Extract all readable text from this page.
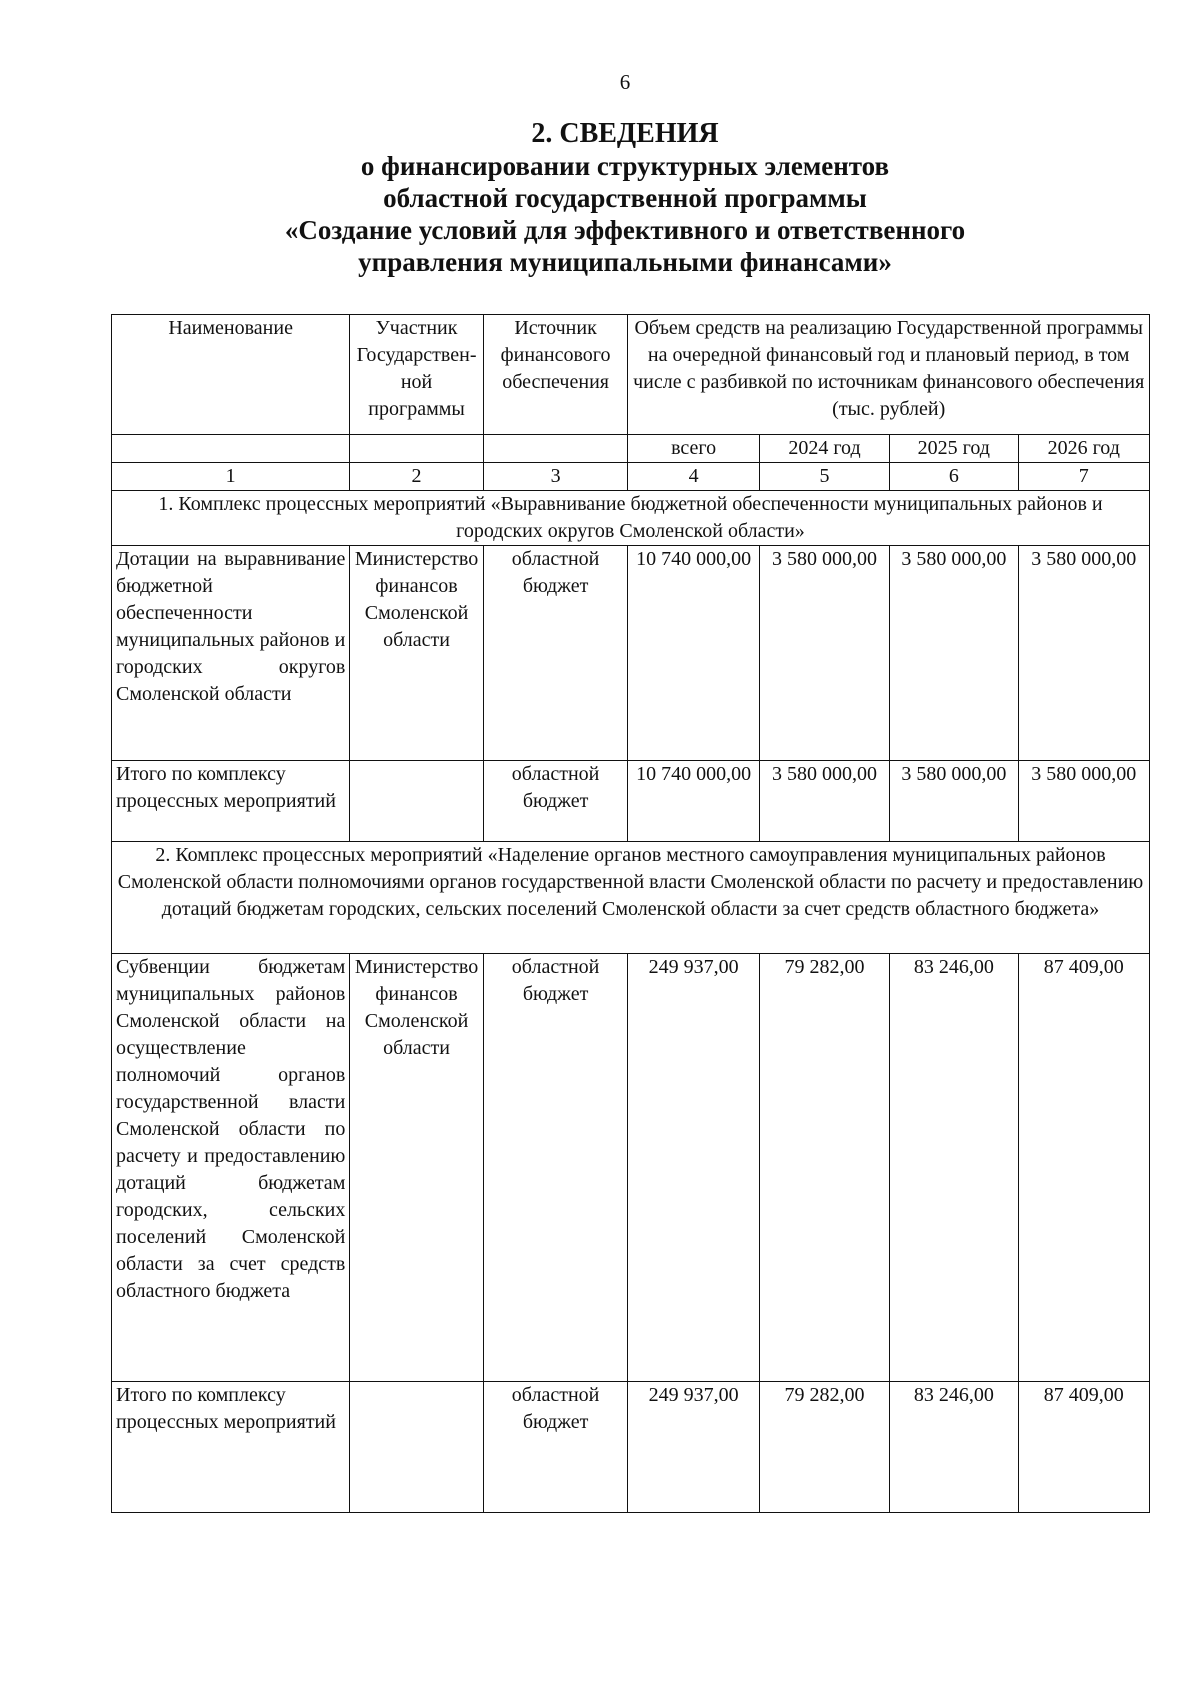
6
2. СВЕДЕНИЯ
о финансировании структурных элементов
областной государственной программы
«Создание условий для эффективного и ответственного
управления муниципальными финансами»
Наименование	Участник Государствен-ной программы	Источник финансового обеспечения	Объем средств на реализацию Государственной программы на очередной финансовый год и плановый период, в том числе с разбивкой по источникам финансового обеспечения (тыс. рублей)			
			всего	2024 год	2025 год	2026 год
1	2	3	4	5	6	7
1. Комплекс процессных мероприятий «Выравнивание бюджетной обеспеченности муниципальных районов и городских округов Смоленской области»						
Дотации на выравнивание бюджетной обеспеченности муниципальных районов и городских округов Смоленской области	Министерство финансов Смоленской области	областной бюджет	10 740 000,00	3 580 000,00	3 580 000,00	3 580 000,00
Итого по комплексу процессных мероприятий		областной бюджет	10 740 000,00	3 580 000,00	3 580 000,00	3 580 000,00
2. Комплекс процессных мероприятий «Наделение органов местного самоуправления муниципальных районов Смоленской области полномочиями органов государственной власти Смоленской области по расчету и предоставлению дотаций бюджетам городских, сельских поселений Смоленской области за счет средств областного бюджета»						
Субвенции бюджетам муниципальных районов Смоленской области на осуществление полномочий органов государственной власти Смоленской области по расчету и предоставлению дотаций бюджетам городских, сельских поселений Смоленской области за счет средств областного бюджета	Министерство финансов Смоленской области	областной бюджет	249 937,00	79 282,00	83 246,00	87 409,00
Итого по комплексу процессных мероприятий		областной бюджет	249 937,00	79 282,00	83 246,00	87 409,00
